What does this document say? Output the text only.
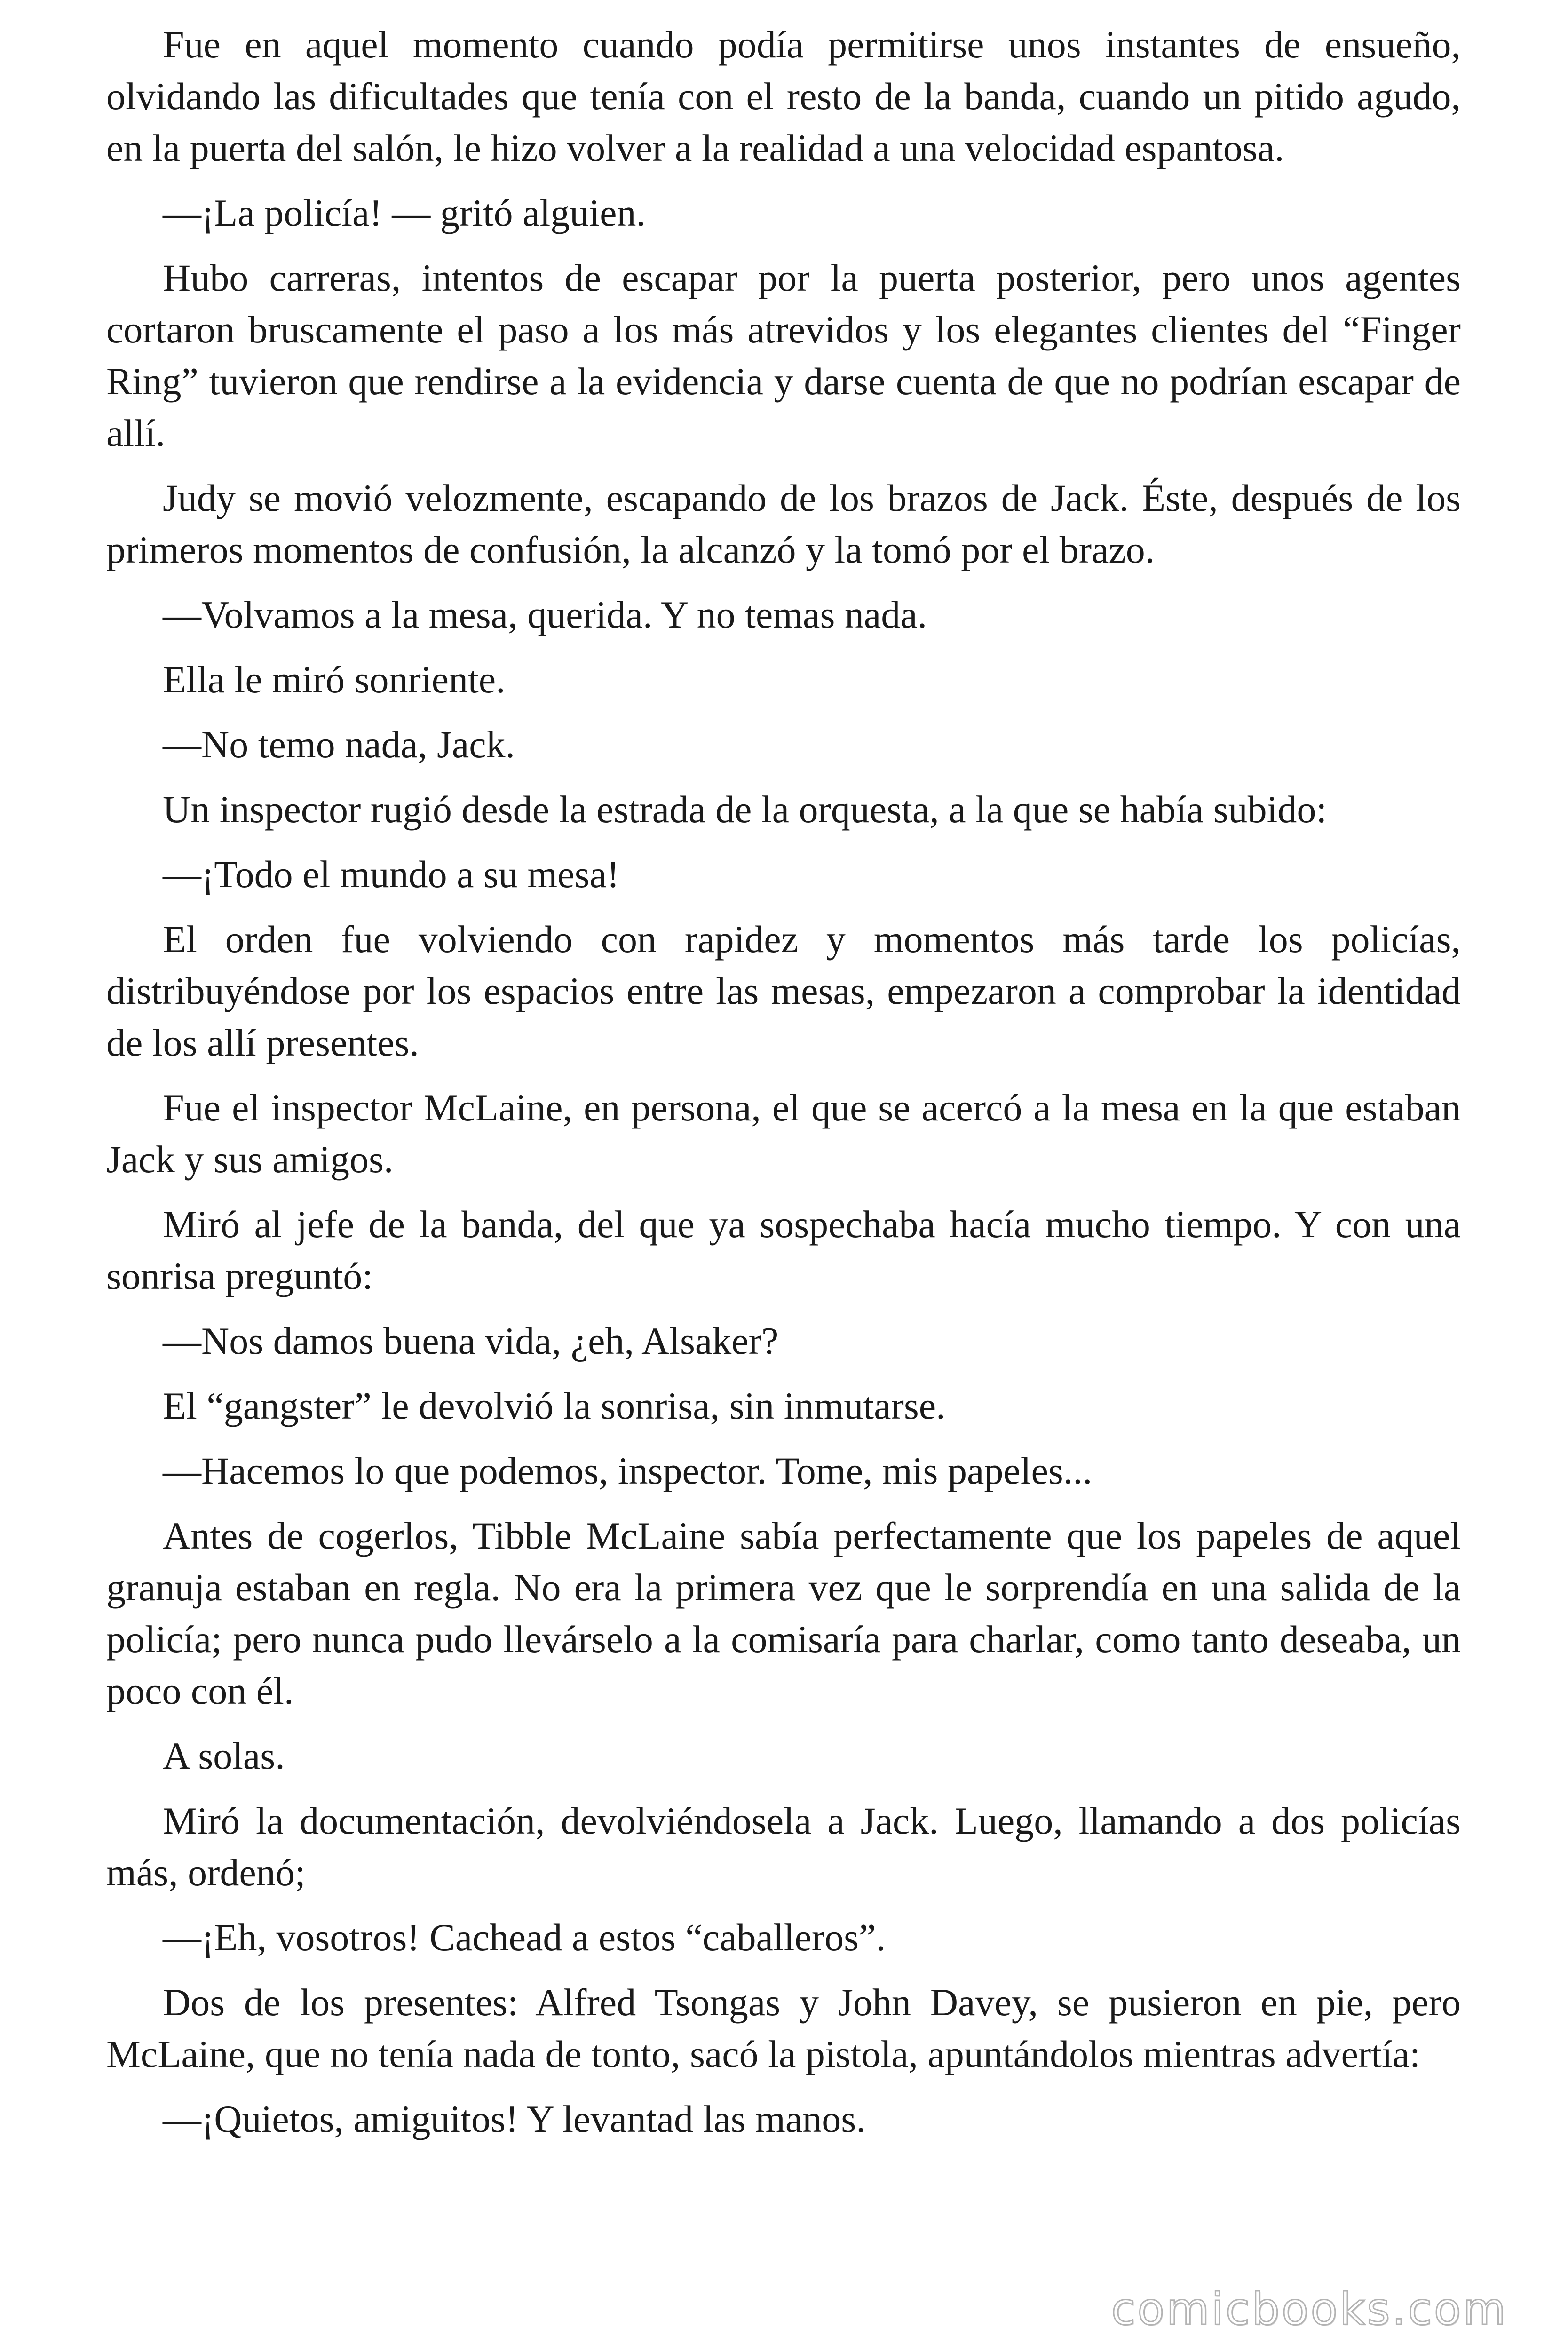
Fue en aquel momento cuando podía permitirse unos instantes de ensueño, olvidando las dificultades que tenía con el resto de la banda, cuando un pitido agudo, en la puerta del salón, le hizo volver a la realidad a una velocidad espantosa.

—¡La policía! — gritó alguien.

Hubo carreras, intentos de escapar por la puerta posterior, pero unos agentes cortaron bruscamente el paso a los más atrevidos y los elegantes clientes del “Finger Ring” tuvieron que rendirse a la evidencia y darse cuenta de que no podrían escapar de allí.

Judy se movió velozmente, escapando de los brazos de Jack. Éste, después de los primeros momentos de confusión, la alcanzó y la tomó por el brazo.

—Volvamos a la mesa, querida. Y no temas nada.

Ella le miró sonriente.

—No temo nada, Jack.

Un inspector rugió desde la estrada de la orquesta, a la que se había subido:

—¡Todo el mundo a su mesa!

El orden fue volviendo con rapidez y momentos más tarde los policías, distribuyéndose por los espacios entre las mesas, empezaron a comprobar la identidad de los allí presentes.

Fue el inspector McLaine, en persona, el que se acercó a la mesa en la que estaban Jack y sus amigos.

Miró al jefe de la banda, del que ya sospechaba hacía mucho tiempo. Y con una sonrisa preguntó:

—Nos damos buena vida, ¿eh, Alsaker?

El “gangster” le devolvió la sonrisa, sin inmutarse.

—Hacemos lo que podemos, inspector. Tome, mis papeles...

Antes de cogerlos, Tibble McLaine sabía perfectamente que los papeles de aquel granuja estaban en regla. No era la primera vez que le sorprendía en una salida de la policía; pero nunca pudo llevárselo a la comisaría para charlar, como tanto deseaba, un poco con él.

A solas.

Miró la documentación, devolviéndosela a Jack. Luego, llamando a dos policías más, ordenó;

—¡Eh, vosotros! Cachead a estos “caballeros”.

Dos de los presentes: Alfred Tsongas y John Davey, se pusieron en pie, pero McLaine, que no tenía nada de tonto, sacó la pistola, apuntándolos mientras advertía:

—¡Quietos, amiguitos! Y levantad las manos.

comicbooks.com
